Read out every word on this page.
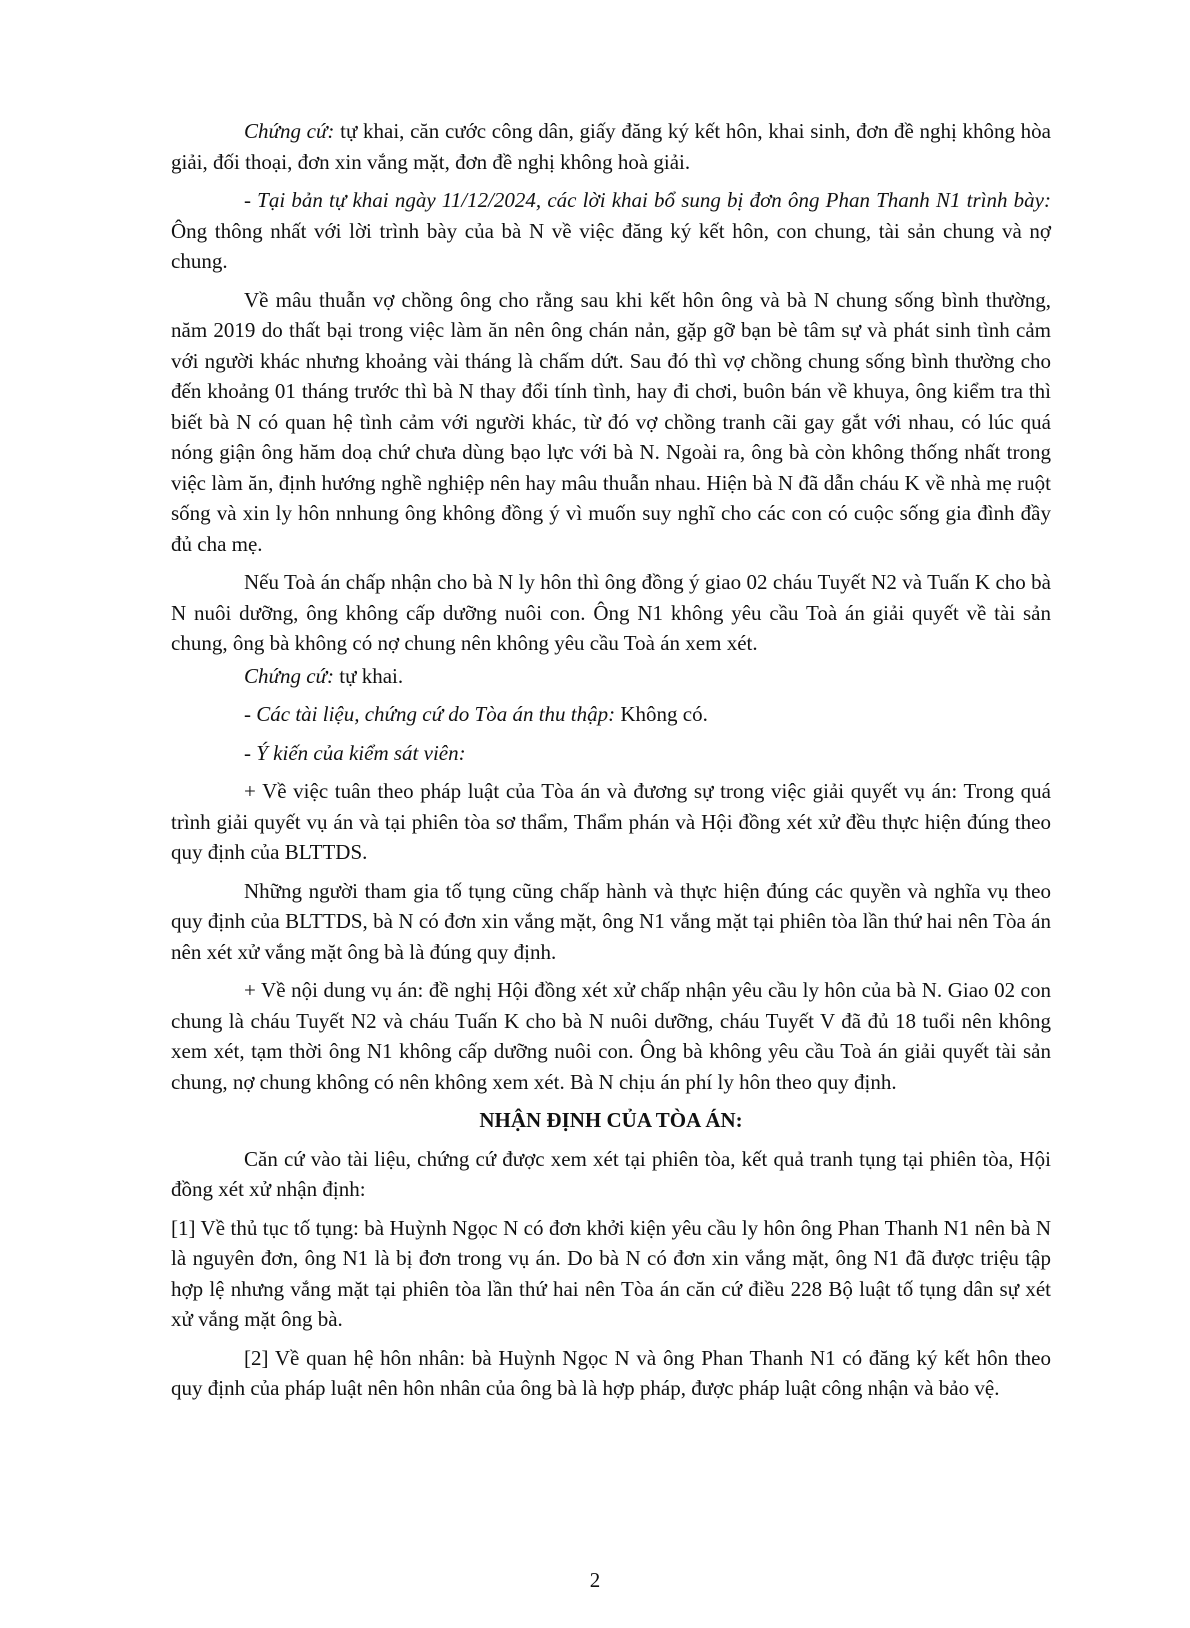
Chứng cứ: tự khai, căn cước công dân, giấy đăng ký kết hôn, khai sinh, đơn đề nghị không hòa giải, đối thoại, đơn xin vắng mặt, đơn đề nghị không hoà giải.

- Tại bản tự khai ngày 11/12/2024, các lời khai bổ sung bị đơn ông Phan Thanh N1 trình bày: Ông thông nhất với lời trình bày của bà N về việc đăng ký kết hôn, con chung, tài sản chung và nợ chung.

Về mâu thuẫn vợ chồng ông cho rằng sau khi kết hôn ông và bà N chung sống bình thường, năm 2019 do thất bại trong việc làm ăn nên ông chán nản, gặp gỡ bạn bè tâm sự và phát sinh tình cảm với người khác nhưng khoảng vài tháng là chấm dứt. Sau đó thì vợ chồng chung sống bình thường cho đến khoảng 01 tháng trước thì bà N thay đổi tính tình, hay đi chơi, buôn bán về khuya, ông kiểm tra thì biết bà N có quan hệ tình cảm với người khác, từ đó vợ chồng tranh cãi gay gắt với nhau, có lúc quá nóng giận ông hăm doạ chứ chưa dùng bạo lực với bà N. Ngoài ra, ông bà còn không thống nhất trong việc làm ăn, định hướng nghề nghiệp nên hay mâu thuẫn nhau. Hiện bà N đã dẫn cháu K về nhà mẹ ruột sống và xin ly hôn nnhung ông không đồng ý vì muốn suy nghĩ cho các con có cuộc sống gia đình đầy đủ cha mẹ.

Nếu Toà án chấp nhận cho bà N ly hôn thì ông đồng ý giao 02 cháu Tuyết N2 và Tuấn K cho bà N nuôi dưỡng, ông không cấp dưỡng nuôi con. Ông N1 không yêu cầu Toà án giải quyết về tài sản chung, ông bà không có nợ chung nên không yêu cầu Toà án xem xét.

Chứng cứ: tự khai.

- Các tài liệu, chứng cứ do Tòa án thu thập: Không có.

- Ý kiến của kiểm sát viên:

+ Về việc tuân theo pháp luật của Tòa án và đương sự trong việc giải quyết vụ án: Trong quá trình giải quyết vụ án và tại phiên tòa sơ thẩm, Thẩm phán và Hội đồng xét xử đều thực hiện đúng theo quy định của BLTTDS.

Những người tham gia tố tụng cũng chấp hành và thực hiện đúng các quyền và nghĩa vụ theo quy định của BLTTDS, bà N có đơn xin vắng mặt, ông N1 vắng mặt tại phiên tòa lần thứ hai nên Tòa án nên xét xử vắng mặt ông bà là đúng quy định.

+ Về nội dung vụ án: đề nghị Hội đồng xét xử chấp nhận yêu cầu ly hôn của bà N. Giao 02 con chung là cháu Tuyết N2 và cháu Tuấn K cho bà N nuôi dưỡng, cháu Tuyết V đã đủ 18 tuổi nên không xem xét, tạm thời ông N1 không cấp dưỡng nuôi con. Ông bà không yêu cầu Toà án giải quyết tài sản chung, nợ chung không có nên không xem xét. Bà N chịu án phí ly hôn theo quy định.

NHẬN ĐỊNH CỦA TÒA ÁN:

Căn cứ vào tài liệu, chứng cứ được xem xét tại phiên tòa, kết quả tranh tụng tại phiên tòa, Hội đồng xét xử nhận định:

[1] Về thủ tục tố tụng: bà Huỳnh Ngọc N có đơn khởi kiện yêu cầu ly hôn ông Phan Thanh N1 nên bà N là nguyên đơn, ông N1 là bị đơn trong vụ án. Do bà N có đơn xin vắng mặt, ông N1 đã được triệu tập hợp lệ nhưng vắng mặt tại phiên tòa lần thứ hai nên Tòa án căn cứ điều 228 Bộ luật tố tụng dân sự xét xử vắng mặt ông bà.

[2] Về quan hệ hôn nhân: bà Huỳnh Ngọc N và ông Phan Thanh N1 có đăng ký kết hôn theo quy định của pháp luật nên hôn nhân của ông bà là hợp pháp, được pháp luật công nhận và bảo vệ.

2
